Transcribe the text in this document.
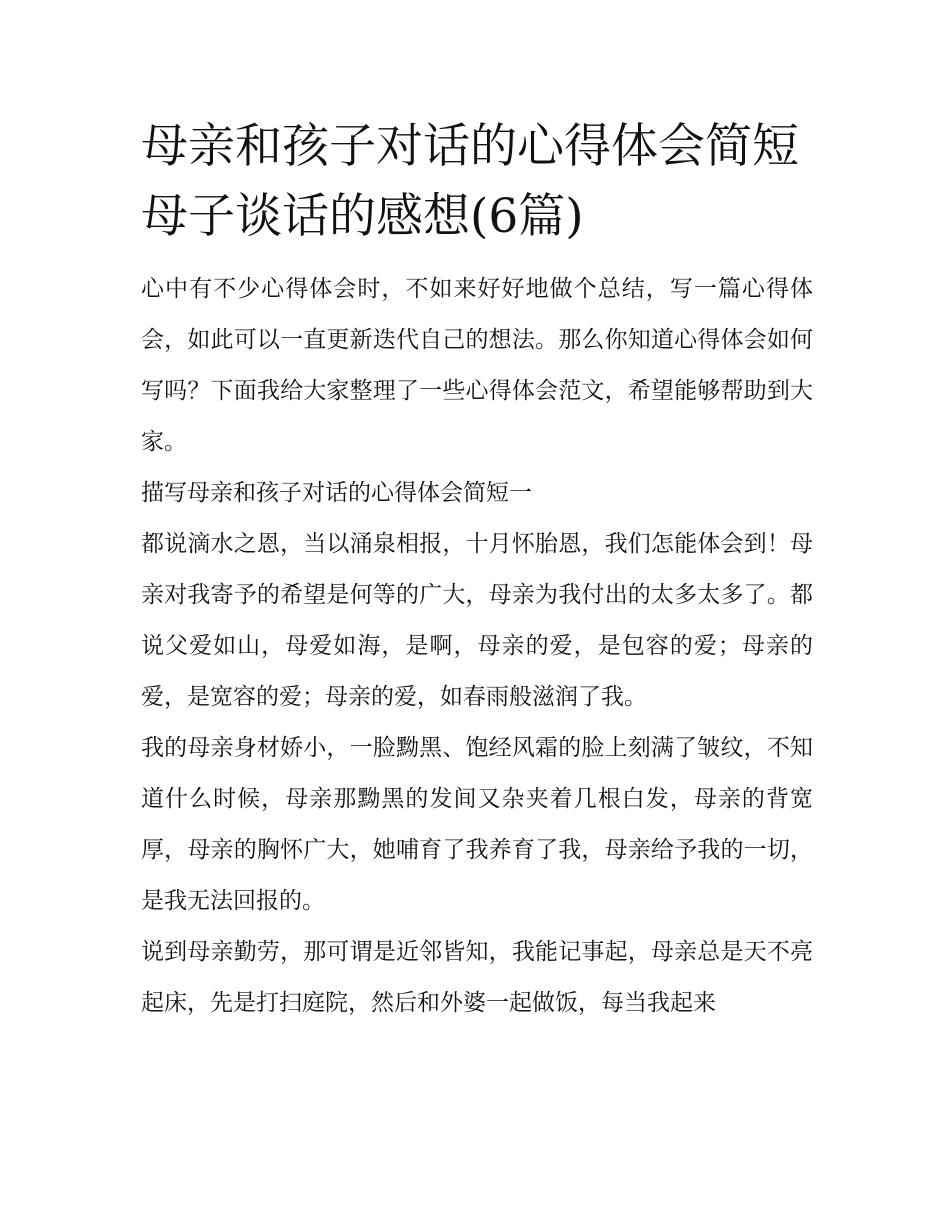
母亲和孩子对话的心得体会简短 母子谈话的感想(6篇)

心中有不少心得体会时，不如来好好地做个总结，写一篇心得体会，如此可以一直更新迭代自己的想法。那么你知道心得体会如何写吗？下面我给大家整理了一些心得体会范文，希望能够帮助到大家。

描写母亲和孩子对话的心得体会简短一

都说滴水之恩，当以涌泉相报，十月怀胎恩，我们怎能体会到！母亲对我寄予的希望是何等的广大，母亲为我付出的太多太多了。都说父爱如山，母爱如海，是啊，母亲的爱，是包容的爱；母亲的爱，是宽容的爱；母亲的爱，如春雨般滋润了我。

我的母亲身材娇小，一脸黝黑、饱经风霜的脸上刻满了皱纹，不知道什么时候，母亲那黝黑的发间又杂夹着几根白发，母亲的背宽厚，母亲的胸怀广大，她哺育了我养育了我，母亲给予我的一切，是我无法回报的。

说到母亲勤劳，那可谓是近邻皆知，我能记事起，母亲总是天不亮起床，先是打扫庭院，然后和外婆一起做饭，每当我起来
